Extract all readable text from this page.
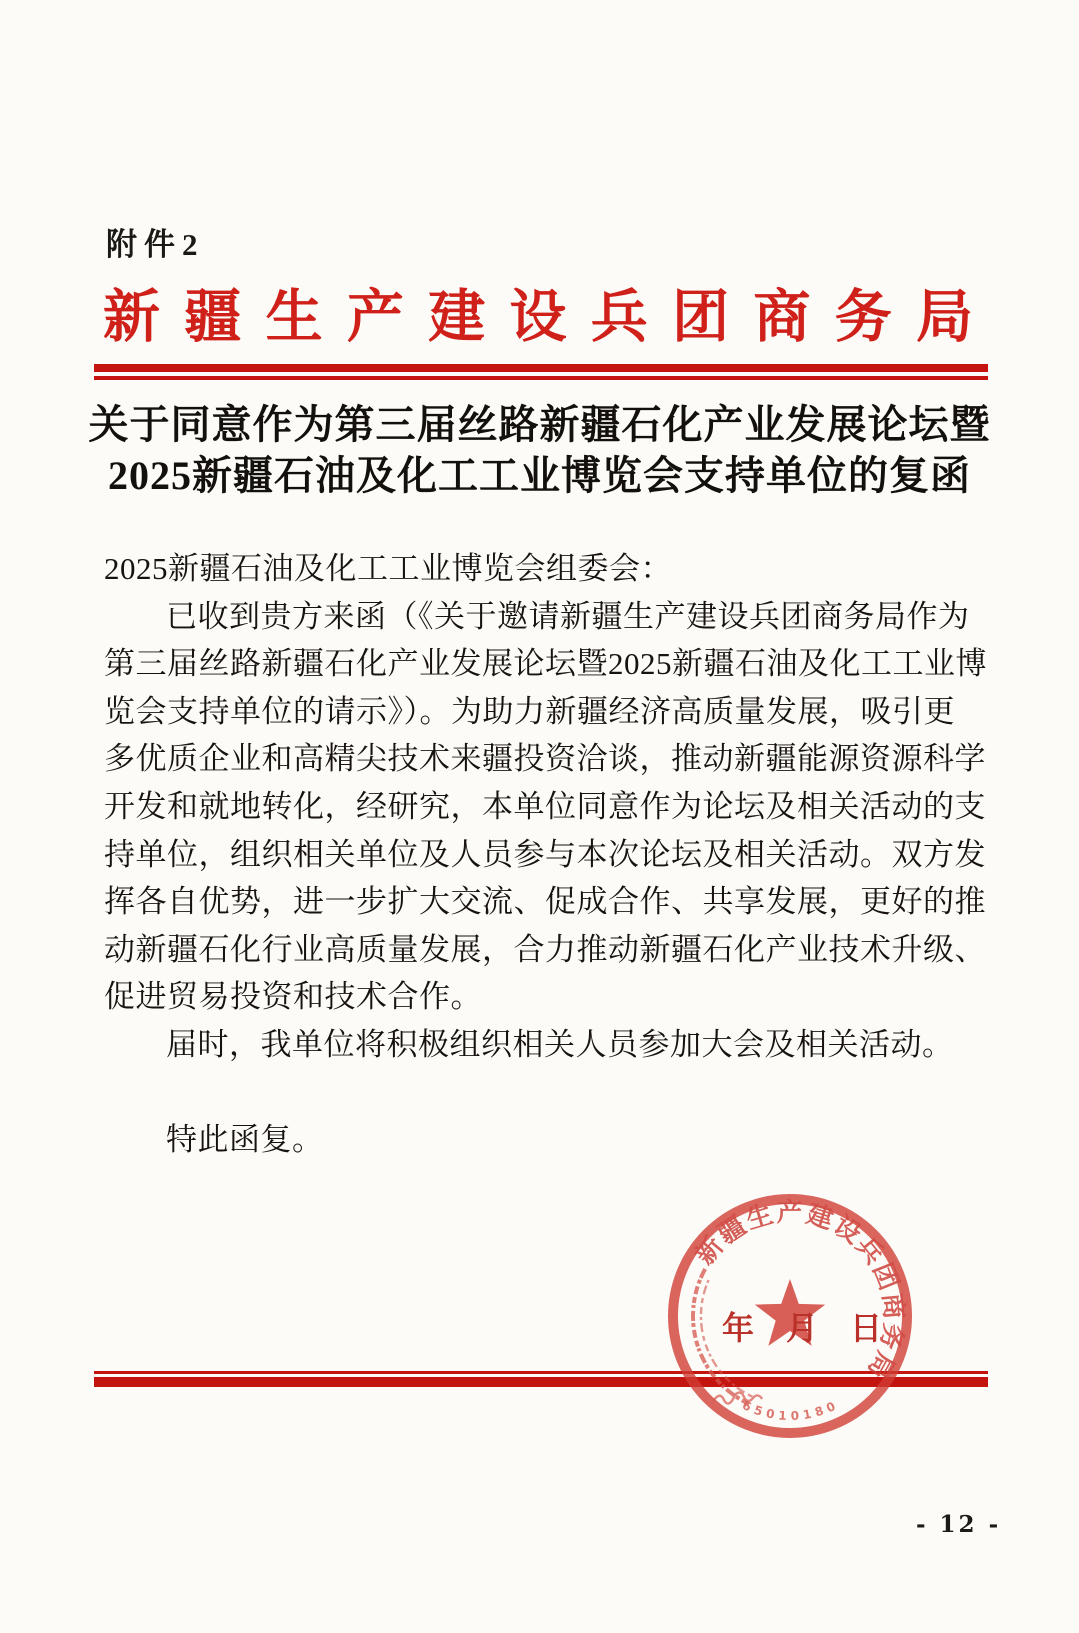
附件2
新疆生产建设兵团商务局
关于同意作为第三届丝路新疆石化产业发展论坛暨
2025新疆石油及化工工业博览会支持单位的复函
2025新疆石油及化工工业博览会组委会：
已收到贵方来函（《关于邀请新疆生产建设兵团商务局作为
第三届丝路新疆石化产业发展论坛暨2025新疆石油及化工工业博
览会支持单位的请示》）。为助力新疆经济高质量发展，吸引更
多优质企业和高精尖技术来疆投资洽谈，推动新疆能源资源科学
开发和就地转化，经研究，本单位同意作为论坛及相关活动的支
持单位，组织相关单位及人员参与本次论坛及相关活动。双方发
挥各自优势，进一步扩大交流、促成合作、共享发展，更好的推
动新疆石化行业高质量发展，合力推动新疆石化产业技术升级、
促进贸易投资和技术合作。
届时，我单位将积极组织相关人员参加大会及相关活动。
特此函复。
年 月 日
新疆生产建设兵团商务局
65010180
- 12 -
